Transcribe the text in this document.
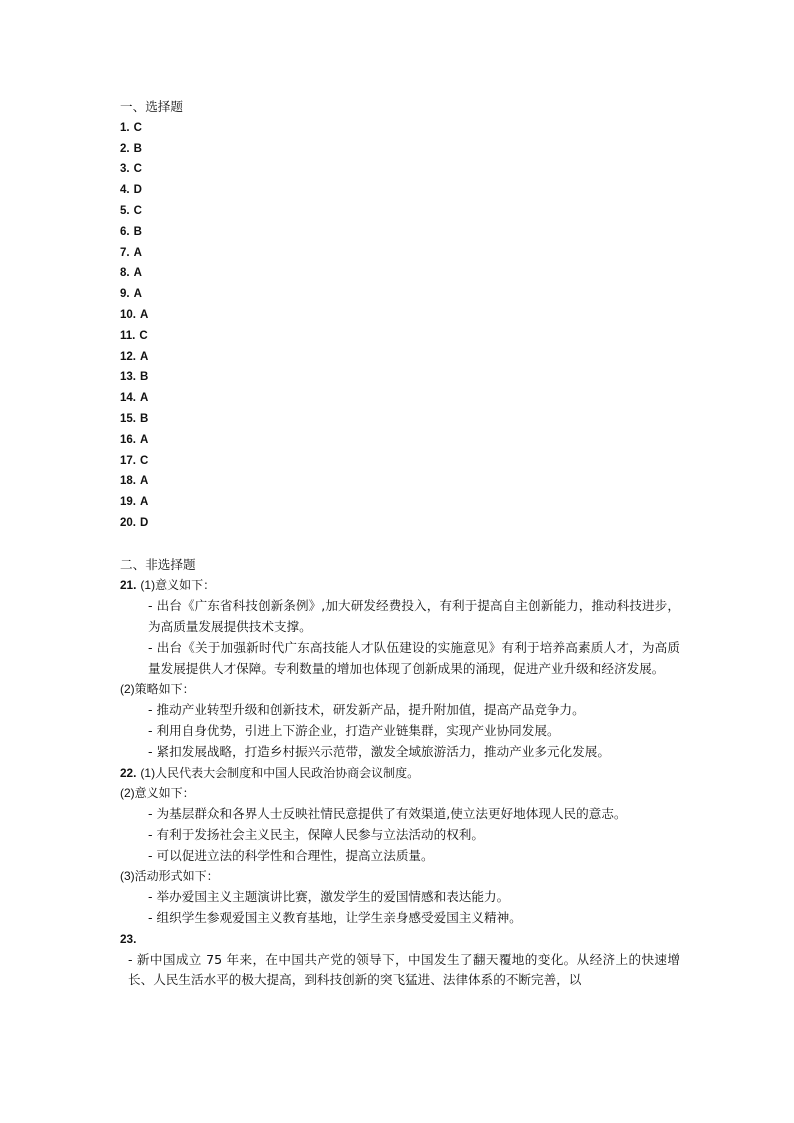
一、选择题
1. C
2. B
3. C
4. D
5. C
6. B
7. A
8. A
9. A
10. A
11. C
12. A
13. B
14. A
15. B
16. A
17. C
18. A
19. A
20. D
二、非选择题
21. (1)意义如下：
- 出台《广东省科技创新条例》,加大研发经费投入，有利于提高自主创新能力，推动科技进步，为高质量发展提供技术支撑。
- 出台《关于加强新时代广东高技能人才队伍建设的实施意见》有利于培养高素质人才，为高质量发展提供人才保障。专利数量的增加也体现了创新成果的涌现，促进产业升级和经济发展。
(2)策略如下：
- 推动产业转型升级和创新技术，研发新产品，提升附加值，提高产品竞争力。
- 利用自身优势，引进上下游企业，打造产业链集群，实现产业协同发展。
- 紧扣发展战略，打造乡村振兴示范带，激发全域旅游活力，推动产业多元化发展。
22. (1)人民代表大会制度和中国人民政治协商会议制度。
(2)意义如下：
- 为基层群众和各界人士反映社情民意提供了有效渠道,使立法更好地体现人民的意志。
- 有利于发扬社会主义民主，保障人民参与立法活动的权利。
- 可以促进立法的科学性和合理性，提高立法质量。
(3)活动形式如下：
- 举办爱国主义主题演讲比赛，激发学生的爱国情感和表达能力。
- 组织学生参观爱国主义教育基地，让学生亲身感受爱国主义精神。
23.
- 新中国成立 75 年来，在中国共产党的领导下，中国发生了翻天覆地的变化。从经济上的快速增长、人民生活水平的极大提高，到科技创新的突飞猛进、法律体系的不断完善，以
